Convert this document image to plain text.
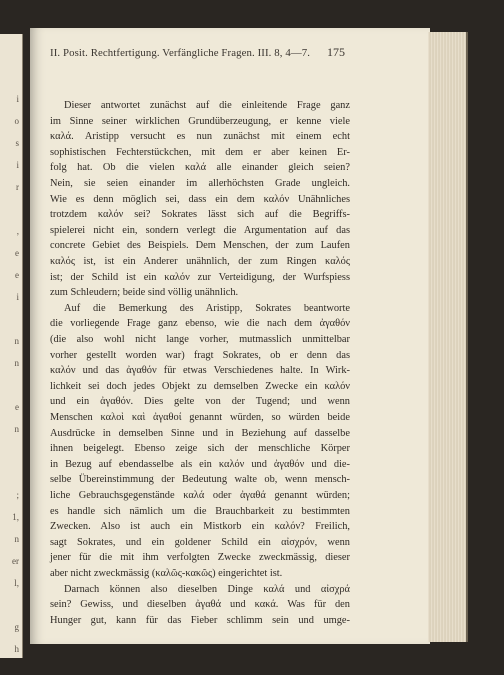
i
o
s
i
r
,
e
e
i
n
n
e
n
;
1,
n
er
l,
g
h
II. Posit. Rechtfertigung. Verfängliche Fragen. III. 8, 4—7.	175
Dieser antwortet zunächst auf die einleitende Frage ganz
im Sinne seiner wirklichen Grundüberzeugung, er kenne viele
καλά. Aristipp versucht es nun zunächst mit einem echt
sophistischen Fechterstückchen, mit dem er aber keinen Er-
folg hat. Ob die vielen καλά alle einander gleich seien?
Nein, sie seien einander im allerhöchsten Grade ungleich.
Wie es denn möglich sei, dass ein dem καλόν Unähnliches
trotzdem καλόν sei? Sokrates lässt sich auf die Begriffs-
spielerei nicht ein, sondern verlegt die Argumentation auf das
concrete Gebiet des Beispiels. Dem Menschen, der zum Laufen
καλός ist, ist ein Anderer unähnlich, der zum Ringen καλός
ist; der Schild ist ein καλόν zur Verteidigung, der Wurfspiess
zum Schleudern; beide sind völlig unähnlich.
Auf die Bemerkung des Aristipp, Sokrates beantworte
die vorliegende Frage ganz ebenso, wie die nach dem ἀγαθόν
(die also wohl nicht lange vorher, mutmasslich unmittelbar
vorher gestellt worden war) fragt Sokrates, ob er denn das
καλόν und das ἀγαθόν für etwas Verschiedenes halte. In Wirk-
lichkeit sei doch jedes Objekt zu demselben Zwecke ein καλόν
und ein ἀγαθόν. Dies gelte von der Tugend; und wenn
Menschen καλοὶ καὶ ἀγαθοί genannt würden, so würden beide
Ausdrücke in demselben Sinne und in Beziehung auf dasselbe
ihnen beigelegt. Ebenso zeige sich der menschliche Körper
in Bezug auf ebendasselbe als ein καλόν und ἀγαθόν und die-
selbe Übereinstimmung der Bedeutung walte ob, wenn mensch-
liche Gebrauchsgegenstände καλά oder ἀγαθά genannt würden;
es handle sich nämlich um die Brauchbarkeit zu bestimmten
Zwecken. Also ist auch ein Mistkorb ein καλόν? Freilich,
sagt Sokrates, und ein goldener Schild ein αἰσχρόν, wenn
jener für die mit ihm verfolgten Zwecke zweckmässig, dieser
aber nicht zweckmässig (καλῶς-κακῶς) eingerichtet ist.
Darnach können also dieselben Dinge καλά und αἰσχρά
sein? Gewiss, und dieselben ἀγαθά und κακά. Was für den
Hunger gut, kann für das Fieber schlimm sein und umge-
